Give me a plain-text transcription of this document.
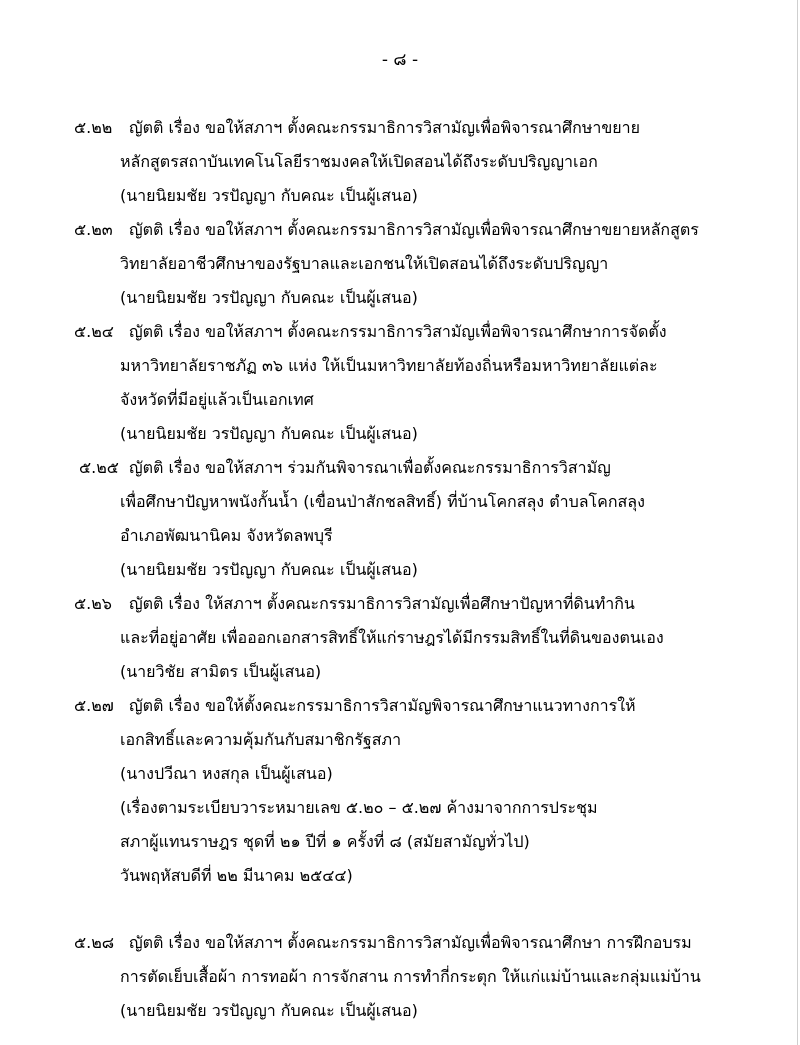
- ๘ -
๕.๒๒ ญัตติ เรื่อง ขอให้สภาฯ ตั้งคณะกรรมาธิการวิสามัญเพื่อพิจารณาศึกษาขยาย
หลักสูตรสถาบันเทคโนโลยีราชมงคลให้เปิดสอนได้ถึงระดับปริญญาเอก
(นายนิยมชัย วรปัญญา กับคณะ เป็นผู้เสนอ)
๕.๒๓ ญัตติ เรื่อง ขอให้สภาฯ ตั้งคณะกรรมาธิการวิสามัญเพื่อพิจารณาศึกษาขยายหลักสูตร
วิทยาลัยอาชีวศึกษาของรัฐบาลและเอกชนให้เปิดสอนได้ถึงระดับปริญญา
(นายนิยมชัย วรปัญญา กับคณะ เป็นผู้เสนอ)
๕.๒๔ ญัตติ เรื่อง ขอให้สภาฯ ตั้งคณะกรรมาธิการวิสามัญเพื่อพิจารณาศึกษาการจัดตั้ง
มหาวิทยาลัยราชภัฏ ๓๖ แห่ง ให้เป็นมหาวิทยาลัยท้องถิ่นหรือมหาวิทยาลัยแต่ละ
จังหวัดที่มีอยู่แล้วเป็นเอกเทศ
(นายนิยมชัย วรปัญญา กับคณะ เป็นผู้เสนอ)
๕.๒๕ ญัตติ เรื่อง ขอให้สภาฯ ร่วมกันพิจารณาเพื่อตั้งคณะกรรมาธิการวิสามัญ
เพื่อศึกษาปัญหาพนังกั้นน้ำ (เขื่อนป่าสักชลสิทธิ์) ที่บ้านโคกสลุง ตำบลโคกสลุง
อำเภอพัฒนานิคม จังหวัดลพบุรี
(นายนิยมชัย วรปัญญา กับคณะ เป็นผู้เสนอ)
๕.๒๖ ญัตติ เรื่อง ให้สภาฯ ตั้งคณะกรรมาธิการวิสามัญเพื่อศึกษาปัญหาที่ดินทำกิน
และที่อยู่อาศัย เพื่อออกเอกสารสิทธิ์ให้แก่ราษฎรได้มีกรรมสิทธิ์ในที่ดินของตนเอง
(นายวิชัย สามิตร เป็นผู้เสนอ)
๕.๒๗ ญัตติ เรื่อง ขอให้ตั้งคณะกรรมาธิการวิสามัญพิจารณาศึกษาแนวทางการให้
เอกสิทธิ์และความคุ้มกันกับสมาชิกรัฐสภา
(นางปวีณา หงสกุล เป็นผู้เสนอ)
(เรื่องตามระเบียบวาระหมายเลข ๕.๒๐ – ๕.๒๗ ค้างมาจากการประชุม
สภาผู้แทนราษฎร ชุดที่ ๒๑ ปีที่ ๑ ครั้งที่ ๘ (สมัยสามัญทั่วไป)
วันพฤหัสบดีที่ ๒๒ มีนาคม ๒๕๔๔)
๕.๒๘ ญัตติ เรื่อง ขอให้สภาฯ ตั้งคณะกรรมาธิการวิสามัญเพื่อพิจารณาศึกษา การฝึกอบรม
การตัดเย็บเสื้อผ้า การทอผ้า การจักสาน การทำกี่กระตุก ให้แก่แม่บ้านและกลุ่มแม่บ้าน
(นายนิยมชัย วรปัญญา กับคณะ เป็นผู้เสนอ)
